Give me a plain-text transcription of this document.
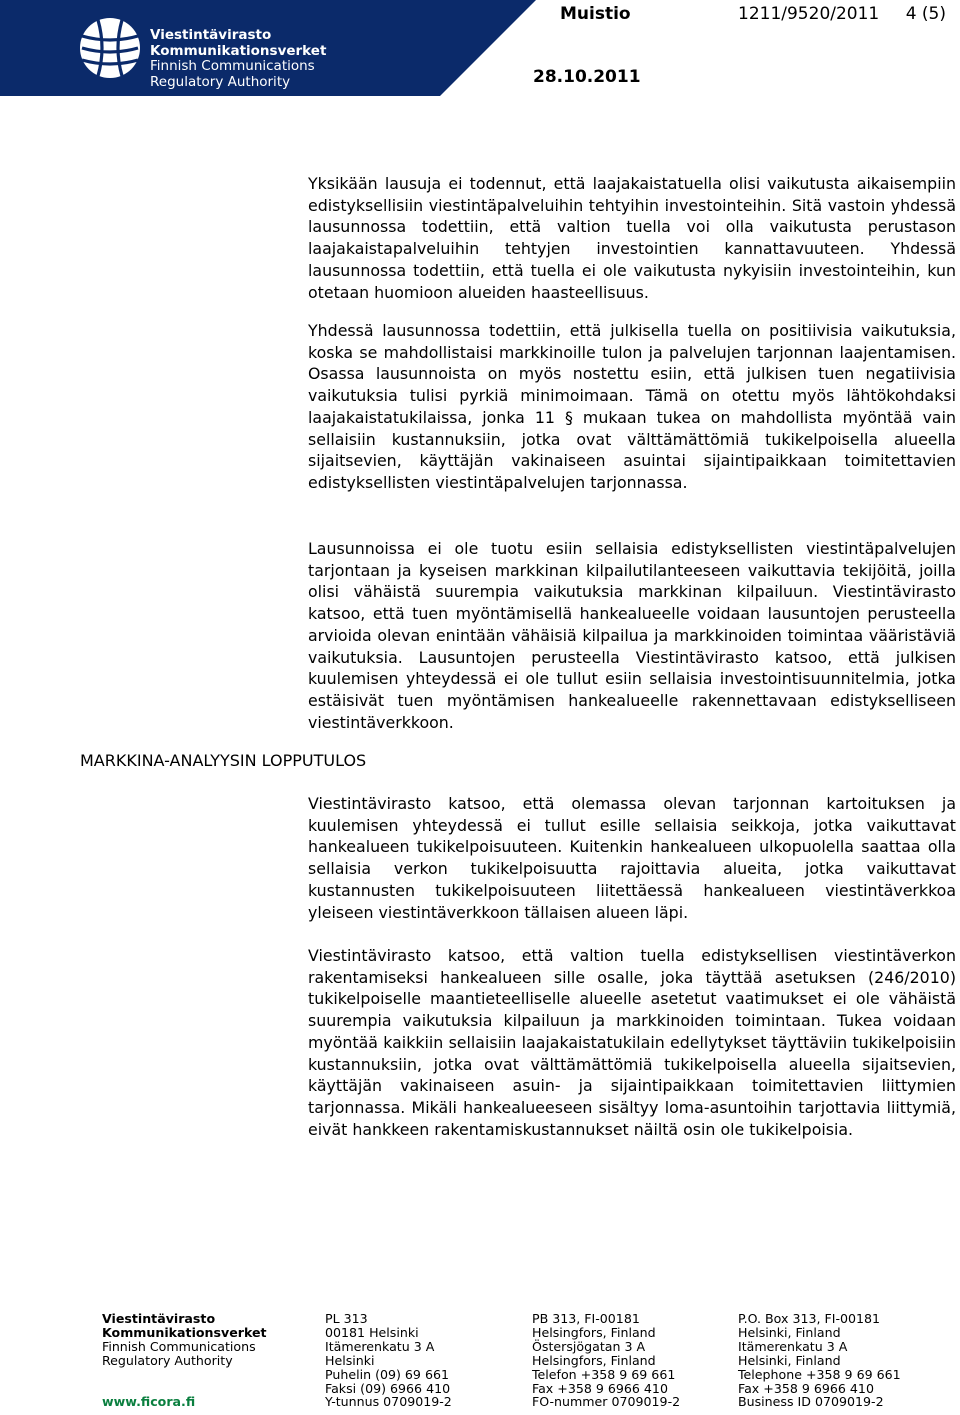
Viestintävirasto
Kommunikationsverket
Finnish Communications
Regulatory Authority
Muistio	1211/9520/2011 4 (5)
28.10.2011
MARKKINA-ANALYYSIN LOPPUTULOS

Yksikään lausuja ei todennut, että laajakaistatuella olisi vaikutusta aikaisempiin edistyksellisiin viestintäpalveluihin tehtyihin investointeihin. Sitä vastoin yhdessä lausunnossa todettiin, että valtion tuella voi olla vaikutusta perustason laajakaistapalveluihin tehtyjen investointien kannattavuuteen. Yhdessä lausunnossa todettiin, että tuella ei ole vaikutusta nykyisiin investointeihin, kun otetaan huomioon alueiden haasteellisuus.

Yhdessä lausunnossa todettiin, että julkisella tuella on positiivisia vaikutuksia, koska se mahdollistaisi markkinoille tulon ja palvelujen tarjonnan laajentamisen. Osassa lausunnoista on myös nostettu esiin, että julkisen tuen negatiivisia vaikutuksia tulisi pyrkiä minimoimaan. Tämä on otettu myös lähtökohdaksi laajakaistatukilaissa, jonka 11 § mukaan tukea on mahdollista myöntää vain sellaisiin kustannuksiin, jotka ovat välttämättömiä tukikelpoisella alueella sijaitsevien, käyttäjän vakinaiseen asuintai sijaintipaikkaan toimitettavien edistyksellisten viestintäpalvelujen tarjonnassa.

Lausunnoissa ei ole tuotu esiin sellaisia edistyksellisten viestintäpalvelujen tarjontaan ja kyseisen markkinan kilpailutilanteeseen vaikuttavia tekijöitä, joilla olisi vähäistä suurempia vaikutuksia markkinan kilpailuun. Viestintävirasto katsoo, että tuen myöntämisellä hankealueelle voidaan lausuntojen perusteella arvioida olevan enintään vähäisiä kilpailua ja markkinoiden toimintaa vääristäviä vaikutuksia. Lausuntojen perusteella Viestintävirasto katsoo, että julkisen kuulemisen yhteydessä ei ole tullut esiin sellaisia investointisuunnitelmia, jotka estäisivät tuen myöntämisen hankealueelle rakennettavaan edistykselliseen viestintäverkkoon.

Viestintävirasto katsoo, että olemassa olevan tarjonnan kartoituksen ja kuulemisen yhteydessä ei tullut esille sellaisia seikkoja, jotka vaikuttavat hankealueen tukikelpoisuuteen. Kuitenkin hankealueen ulkopuolella saattaa olla sellaisia verkon tukikelpoisuutta rajoittavia alueita, jotka vaikuttavat kustannusten tukikelpoisuuteen liitettäessä hankealueen viestintäverkkoa yleiseen viestintäverkkoon tällaisen alueen läpi.

Viestintävirasto katsoo, että valtion tuella edistyksellisen viestintäverkon rakentamiseksi hankealueen sille osalle, joka täyttää asetuksen (246/2010) tukikelpoiselle maantieteelliselle alueelle asetetut vaatimukset ei ole vähäistä suurempia vaikutuksia kilpailuun ja markkinoiden toimintaan. Tukea voidaan myöntää kaikkiin sellaisiin laajakaistatukilain edellytykset täyttäviin tukikelpoisiin kustannuksiin, jotka ovat välttämättömiä tukikelpoisella alueella sijaitsevien, käyttäjän vakinaiseen asuin- ja sijaintipaikkaan toimitettavien liittymien tarjonnassa. Mikäli hankealueeseen sisältyy loma-asuntoihin tarjottavia liittymiä, eivät hankkeen rakentamiskustannukset näiltä osin ole tukikelpoisia.

Viestintävirasto
Kommunikationsverket
Finnish Communications
Regulatory Authority
www.ficora.fi
PL 313
00181 Helsinki
Itämerenkatu 3 A
Helsinki
Puhelin (09) 69 661
Faksi (09) 6966 410
Y-tunnus 0709019-2
PB 313, FI-00181
Helsingfors, Finland
Östersjögatan 3 A
Helsingfors, Finland
Telefon +358 9 69 661
Fax +358 9 6966 410
FO-nummer 0709019-2
P.O. Box 313, FI-00181
Helsinki, Finland
Itämerenkatu 3 A
Helsinki, Finland
Telephone +358 9 69 661
Fax +358 9 6966 410
Business ID 0709019-2
